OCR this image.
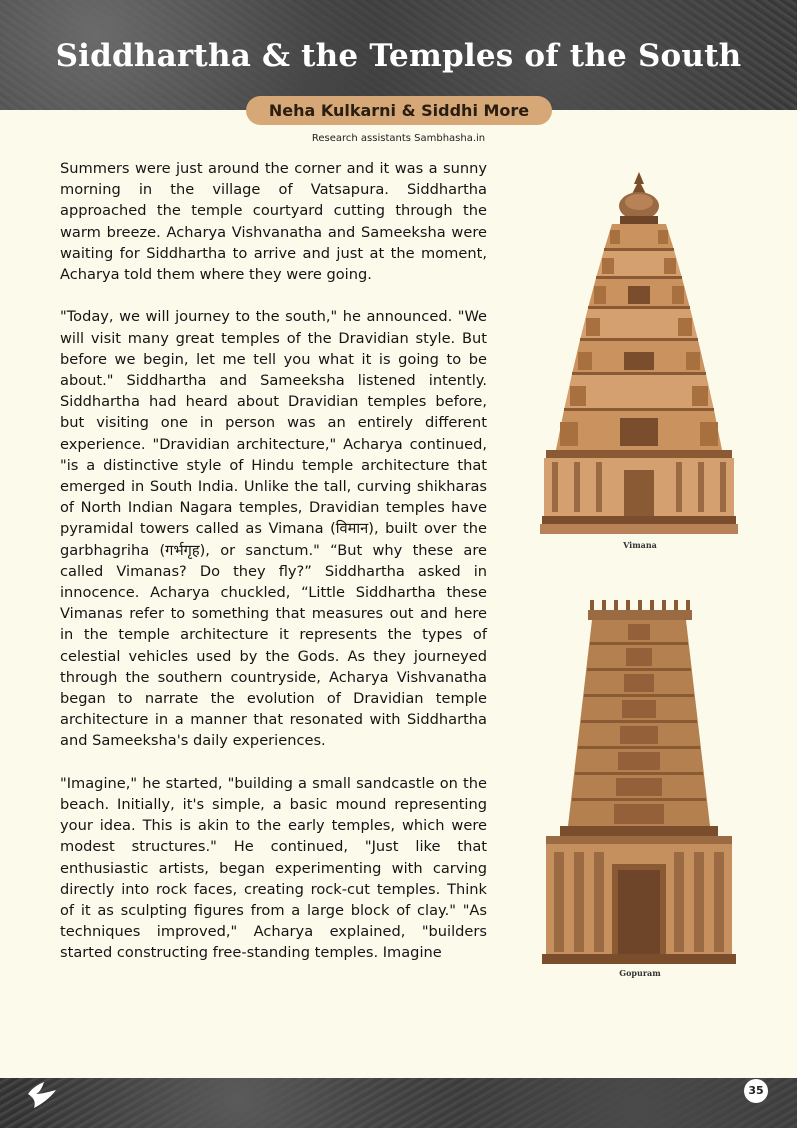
Siddhartha & the Temples of the South
Neha Kulkarni & Siddhi More
Research assistants Sambhasha.in

Summers were just around the corner and it was a sunny morning in the village of Vatsapura. Siddhartha approached the temple courtyard cutting through the warm breeze. Acharya Vishvanatha and Sameeksha were waiting for Siddhartha to arrive and just at the moment, Acharya told them where they were going.

"Today, we will journey to the south," he announced. "We will visit many great temples of the Dravidian style. But before we begin, let me tell you what it is going to be about." Siddhartha and Sameeksha listened intently. Siddhartha had heard about Dravidian temples before, but visiting one in person was an entirely different experience. "Dravidian architecture," Acharya continued, "is a distinctive style of Hindu temple architecture that emerged in South India. Unlike the tall, curving shikharas of North Indian Nagara temples, Dravidian temples have pyramidal towers called as Vimana (विमान), built over the garbhagriha (गर्भगृह), or sanctum." “But why these are called Vimanas? Do they fly?” Siddhartha asked in innocence. Acharya chuckled, “Little Siddhartha these Vimanas refer to something that measures out and here in the temple architecture it represents the types of celestial vehicles used by the Gods. As they journeyed through the southern countryside, Acharya Vishvanatha began to narrate the evolution of Dravidian temple architecture in a manner that resonated with Siddhartha and Sameeksha's daily experiences.

"Imagine," he started, "building a small sandcastle on the beach. Initially, it's simple, a basic mound representing your idea. This is akin to the early temples, which were modest structures." He continued, "Just like that enthusiastic artists, began experimenting with carving directly into rock faces, creating rock-cut temples. Think of it as sculpting figures from a large block of clay." "As techniques improved," Acharya explained, "builders started constructing free-standing temples. Imagine

Vimana
Gopuram
35
